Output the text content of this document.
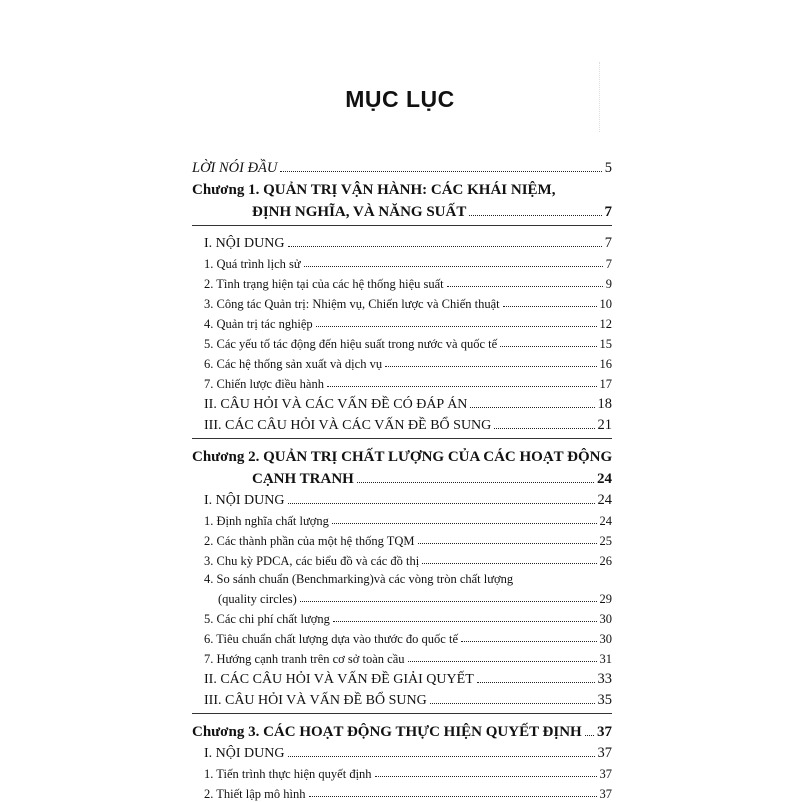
MỤC LỤC
LỜI NÓI ĐẦU	5
Chương 1. QUẢN TRỊ VẬN HÀNH: CÁC KHÁI NIỆM,
ĐỊNH NGHĨA, VÀ NĂNG SUẤT	7
I. NỘI DUNG	7
1. Quá trình lịch sử	7
2. Tình trạng hiện tại của các hệ thống hiệu suất	9
3. Công tác Quản trị: Nhiệm vụ, Chiến lược và Chiến thuật	10
4. Quản trị tác nghiệp	12
5. Các yếu tố tác động đến hiệu suất trong nước và quốc tế	15
6. Các hệ thống sản xuất và dịch vụ	16
7. Chiến lược điều hành	17
II. CÂU HỎI VÀ CÁC VẤN ĐỀ CÓ ĐÁP ÁN	18
III. CÁC CÂU HỎI VÀ CÁC VẤN ĐỀ BỔ SUNG	21
Chương 2. QUẢN TRỊ CHẤT LƯỢNG CỦA CÁC HOẠT ĐỘNG
CẠNH TRANH	24
I. NỘI DUNG	24
1. Định nghĩa chất lượng	24
2. Các thành phần của một hệ thống TQM	25
3. Chu kỳ PDCA, các biểu đồ và các đồ thị	26
4. So sánh chuẩn (Benchmarking)và các vòng tròn chất lượng
(quality circles)	29
5. Các chi phí chất lượng	30
6. Tiêu chuẩn chất lượng dựa vào thước đo quốc tế	30
7. Hướng cạnh tranh trên cơ sở toàn cầu	31
II. CÁC CÂU HỎI VÀ VẤN ĐỀ GIẢI QUYẾT	33
III. CÂU HỎI VÀ VẤN ĐỀ BỔ SUNG	35
Chương 3. CÁC HOẠT ĐỘNG THỰC HIỆN QUYẾT ĐỊNH 37
I. NỘI DUNG	37
1. Tiến trình thực hiện quyết định	37
2. Thiết lập mô hình	37
